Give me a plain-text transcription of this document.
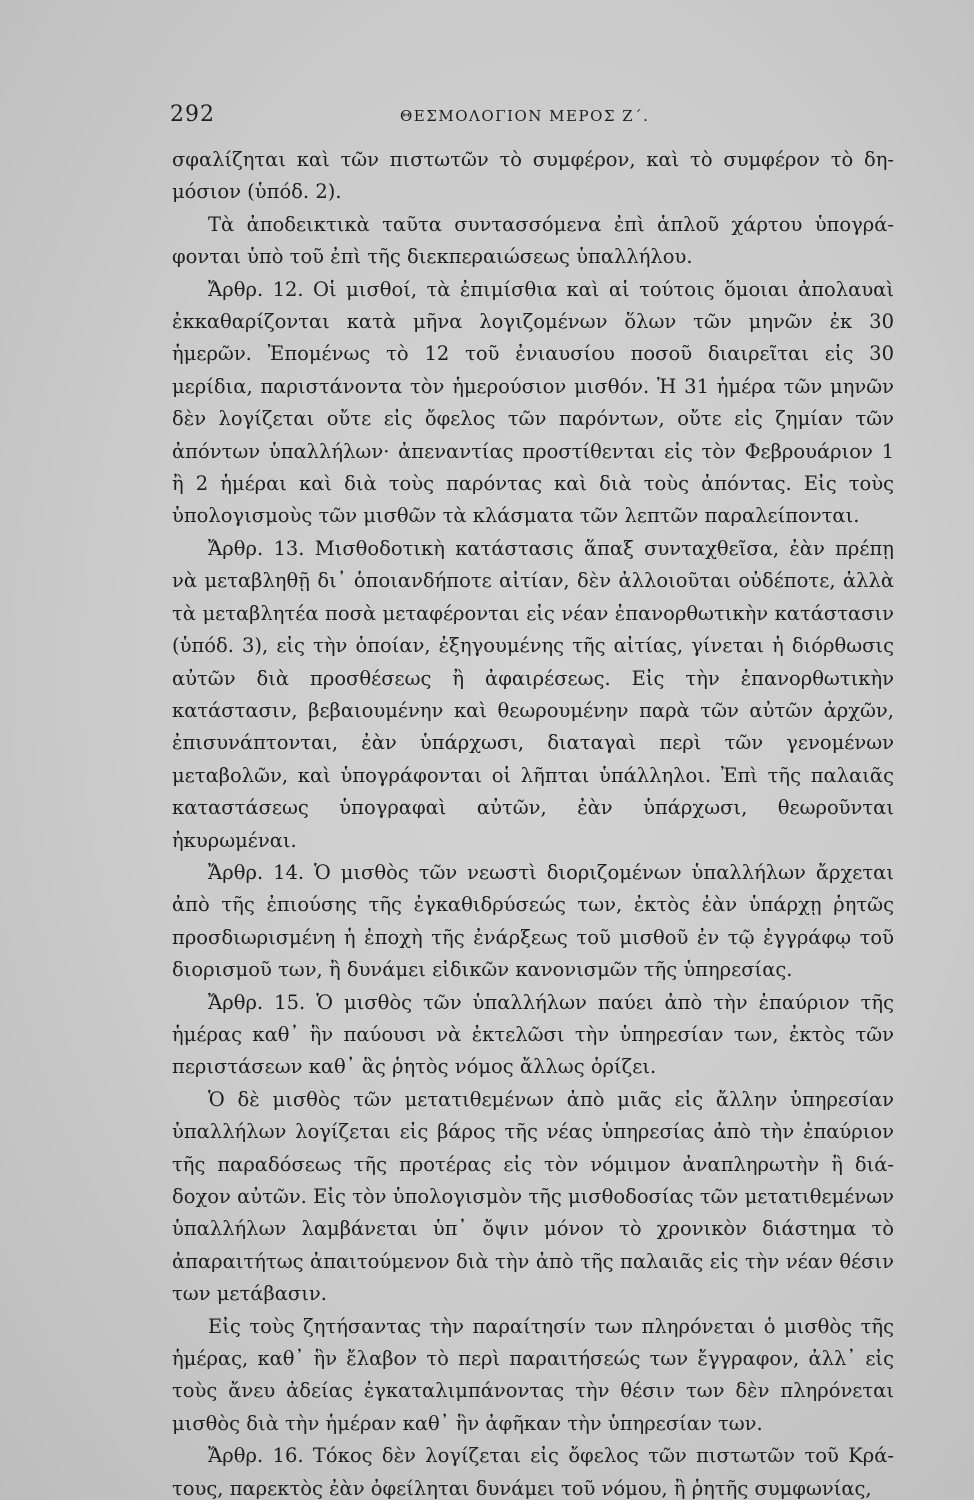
292	ΘΕΣΜΟΛΟΓΙΟΝ ΜΕΡΟΣ Ζ΄.

σφαλίζηται καὶ τῶν πιστωτῶν τὸ συμφέρον, καὶ τὸ συμφέρον τὸ δημόσιον (ὑπόδ. 2).

Τὰ ἀποδεικτικὰ ταῦτα συντασσόμενα ἐπὶ ἁπλοῦ χάρτου ὑπογράφονται ὑπὸ τοῦ ἐπὶ τῆς διεκπεραιώσεως ὑπαλλήλου.

Ἄρθρ. 12. Οἱ μισθοί, τὰ ἐπιμίσθια καὶ αἱ τούτοις ὅμοιαι ἀπολαυαὶ ἐκκαθαρίζονται κατὰ μῆνα λογιζομένων ὅλων τῶν μηνῶν ἐκ 30 ἡμερῶν. Ἐπομένως τὸ 12 τοῦ ἐνιαυσίου ποσοῦ διαιρεῖται εἰς 30 μερίδια, παριστάνοντα τὸν ἡμερούσιον μισθόν. Ἡ 31 ἡμέρα τῶν μηνῶν δὲν λογίζεται οὔτε εἰς ὄφελος τῶν παρόντων, οὔτε εἰς ζημίαν τῶν ἀπόντων ὑπαλλήλων· ἀπεναντίας προστίθενται εἰς τὸν Φεβρουάριον 1 ἢ 2 ἡμέραι καὶ διὰ τοὺς παρόντας καὶ διὰ τοὺς ἀπόντας. Εἰς τοὺς ὑπολογισμοὺς τῶν μισθῶν τὰ κλάσματα τῶν λεπτῶν παραλείπονται.

Ἄρθρ. 13. Μισθοδοτικὴ κατάστασις ἅπαξ συνταχθεῖσα, ἐὰν πρέπῃ νὰ μεταβληθῇ δι᾽ ὁποιανδήποτε αἰτίαν, δὲν ἀλλοιοῦται οὐδέποτε, ἀλλὰ τὰ μεταβλητέα ποσὰ μεταφέρονται εἰς νέαν ἐπανορθωτικὴν κατάστασιν (ὑπόδ. 3), εἰς τὴν ὁποίαν, ἐξηγουμένης τῆς αἰτίας, γίνεται ἡ διόρθωσις αὐτῶν διὰ προσθέσεως ἢ ἀφαιρέσεως. Εἰς τὴν ἐπανορθωτικὴν κατάστασιν, βεβαιουμένην καὶ θεωρουμένην παρὰ τῶν αὐτῶν ἀρχῶν, ἐπισυνάπτονται, ἐὰν ὑπάρχωσι, διαταγαὶ περὶ τῶν γενομένων μεταβολῶν, καὶ ὑπογράφονται οἱ λῆπται ὑπάλληλοι. Ἐπὶ τῆς παλαιᾶς καταστάσεως ὑπογραφαὶ αὐτῶν, ἐὰν ὑπάρχωσι, θεωροῦνται ἠκυρωμέναι.

Ἄρθρ. 14. Ὁ μισθὸς τῶν νεωστὶ διοριζομένων ὑπαλλήλων ἄρχεται ἀπὸ τῆς ἐπιούσης τῆς ἐγκαθιδρύσεώς των, ἐκτὸς ἐὰν ὑπάρχῃ ῥητῶς προσδιωρισμένη ἡ ἐποχὴ τῆς ἐνάρξεως τοῦ μισθοῦ ἐν τῷ ἐγγράφῳ τοῦ διορισμοῦ των, ἢ δυνάμει εἰδικῶν κανονισμῶν τῆς ὑπηρεσίας.

Ἄρθρ. 15. Ὁ μισθὸς τῶν ὑπαλλήλων παύει ἀπὸ τὴν ἐπαύριον τῆς ἡμέρας καθ᾽ ἣν παύουσι νὰ ἐκτελῶσι τὴν ὑπηρεσίαν των, ἐκτὸς τῶν περιστάσεων καθ᾽ ἃς ῥητὸς νόμος ἄλλως ὁρίζει.

Ὁ δὲ μισθὸς τῶν μετατιθεμένων ἀπὸ μιᾶς εἰς ἄλλην ὑπηρεσίαν ὑπαλλήλων λογίζεται εἰς βάρος τῆς νέας ὑπηρεσίας ἀπὸ τὴν ἐπαύριον τῆς παραδόσεως τῆς προτέρας εἰς τὸν νόμιμον ἀναπληρωτὴν ἢ διάδοχον αὐτῶν. Εἰς τὸν ὑπολογισμὸν τῆς μισθοδοσίας τῶν μετατιθεμένων ὑπαλλήλων λαμβάνεται ὑπ᾽ ὄψιν μόνον τὸ χρονικὸν διάστημα τὸ ἀπαραιτήτως ἀπαιτούμενον διὰ τὴν ἀπὸ τῆς παλαιᾶς εἰς τὴν νέαν θέσιν των μετάβασιν.

Εἰς τοὺς ζητήσαντας τὴν παραίτησίν των πληρόνεται ὁ μισθὸς τῆς ἡμέρας, καθ᾽ ἣν ἔλαβον τὸ περὶ παραιτήσεώς των ἔγγραφον, ἀλλ᾽ εἰς τοὺς ἄνευ ἀδείας ἐγκαταλιμπάνοντας τὴν θέσιν των δὲν πληρόνεται μισθὸς διὰ τὴν ἡμέραν καθ᾽ ἣν ἀφῆκαν τὴν ὑπηρεσίαν των.

Ἄρθρ. 16. Τόκος δὲν λογίζεται εἰς ὄφελος τῶν πιστωτῶν τοῦ Κράτους, παρεκτὸς ἐὰν ὀφείληται δυνάμει τοῦ νόμου, ἢ ῥητῆς συμφωνίας,
